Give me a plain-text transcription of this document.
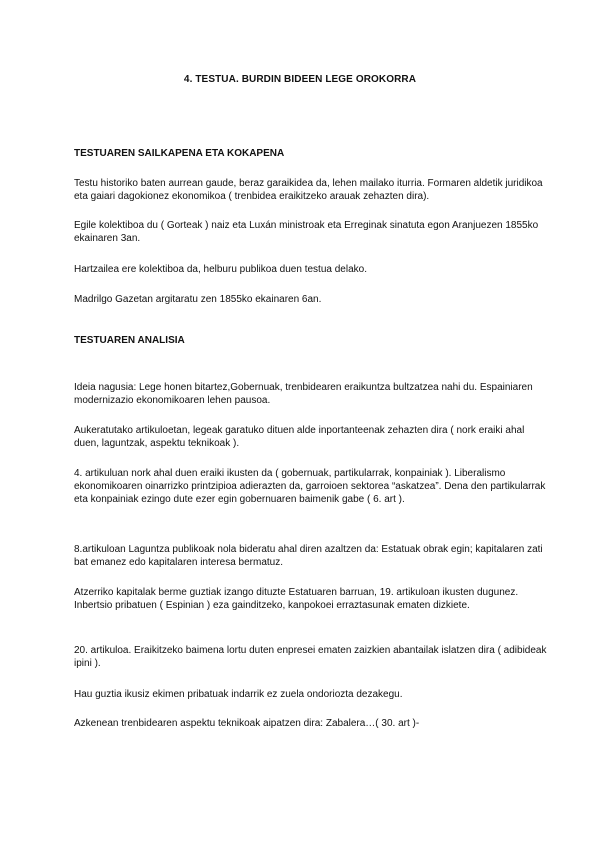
4. TESTUA. BURDIN BIDEEN LEGE OROKORRA
TESTUAREN SAILKAPENA ETA KOKAPENA
Testu historiko baten aurrean gaude, beraz garaikidea da, lehen mailako iturria. Formaren aldetik juridikoa eta gaiari dagokionez ekonomikoa ( trenbidea eraikitzeko arauak zehazten dira).
Egile kolektiboa du ( Gorteak ) naiz eta Luxán ministroak eta Erreginak sinatuta egon Aranjuezen 1855ko ekainaren 3an.
Hartzailea ere kolektiboa da, helburu publikoa duen testua delako.
Madrilgo Gazetan argitaratu zen 1855ko ekainaren 6an.
TESTUAREN ANALISIA
Ideia nagusia: Lege honen bitartez,Gobernuak, trenbidearen eraikuntza bultzatzea nahi du. Espainiaren modernizazio ekonomikoaren lehen pausoa.
Aukeratutako artikuloetan, legeak garatuko dituen alde inportanteenak zehazten dira ( nork eraiki ahal duen, laguntzak, aspektu teknikoak ).
4. artikuluan nork ahal duen eraiki ikusten da ( gobernuak, partikularrak, konpainiak ). Liberalismo ekonomikoaren oinarrizko printzipioa adierazten da, garroioen sektorea “askatzea”. Dena den partikularrak eta konpainiak ezingo dute ezer egin gobernuaren baimenik gabe ( 6. art ).
8.artikuloan Laguntza publikoak nola bideratu ahal diren azaltzen da: Estatuak obrak egin; kapitalaren zati bat emanez edo kapitalaren interesa bermatuz.
Atzerriko kapitalak berme guztiak izango dituzte Estatuaren barruan, 19. artikuloan ikusten dugunez. Inbertsio pribatuen ( Espinian ) eza gainditzeko, kanpokoei erraztasunak ematen dizkiete.
20. artikuloa. Eraikitzeko baimena lortu duten enpresei ematen zaizkien abantailak islatzen dira ( adibideak ipini ).
Hau guztia ikusiz ekimen pribatuak indarrik ez zuela ondoriozta dezakegu.
Azkenean trenbidearen aspektu teknikoak aipatzen dira: Zabalera…( 30. art )-
